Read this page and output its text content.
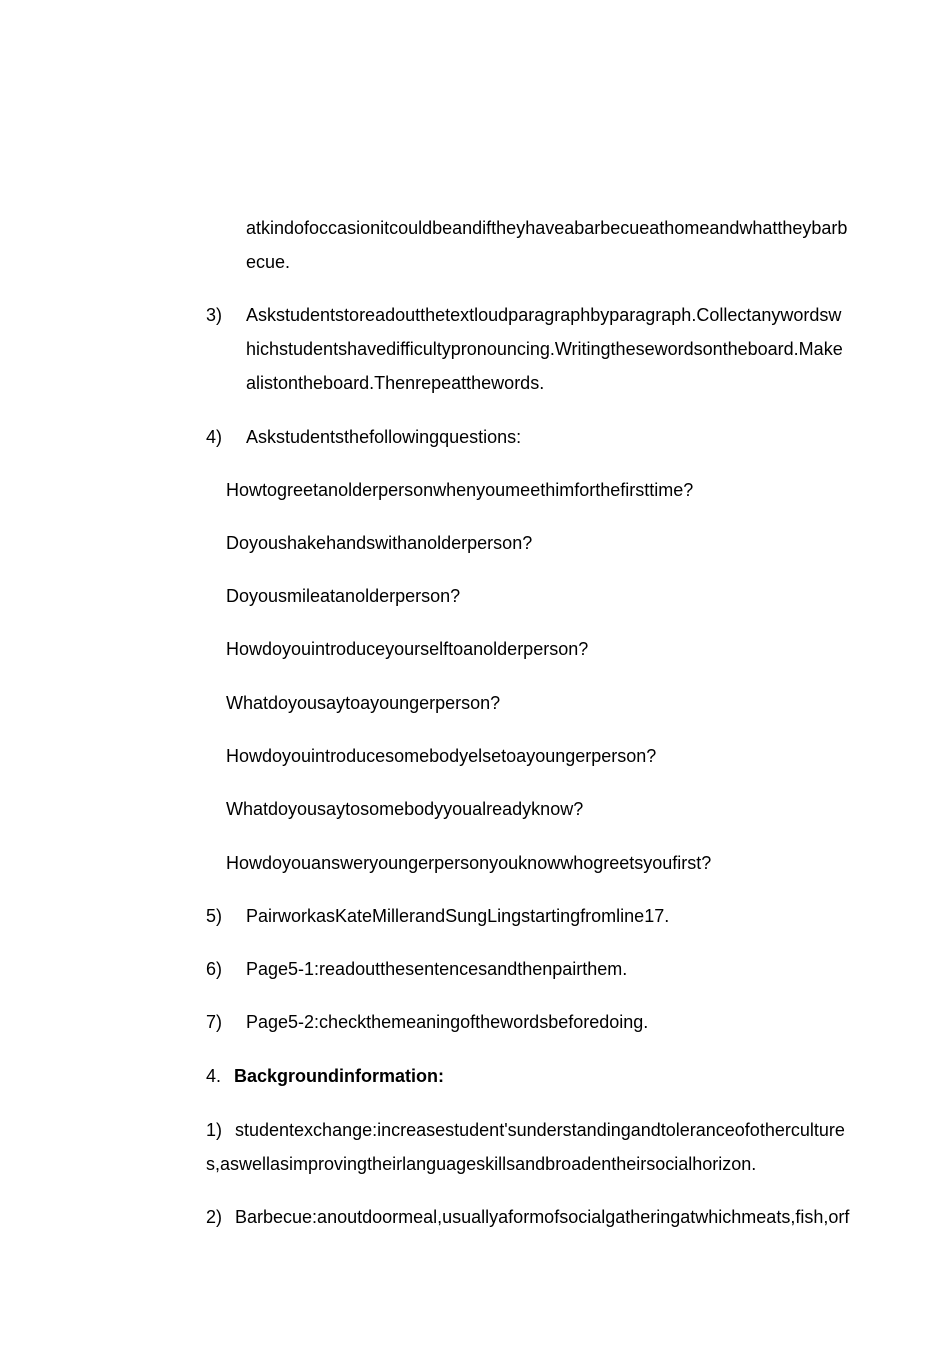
atkindofoccasionitcouldbeandiftheyhaveabarbecueathomeandwhattheybarb
ecue.
3) Askstudentstoreadoutthetextloudparagraphbyparagraph.Collectanywordsw
hichstudentshavedifficultypronouncing.Writingthesewordsontheboard.Make
alistontheboard.Thenrepeatthewords.
4) Askstudentsthefollowingquestions:
Howtogreetanolderpersonwhenyoumeethimforthefirsttime?
Doyoushakehandswithanolderperson?
Doyousmileatanolderperson?
Howdoyouintroduceyourselftoanolderperson?
Whatdoyousaytoayoungerperson?
Howdoyouintroducesomebodyelsetoayoungerperson?
Whatdoyousaytosomebodyyoualreadyknow?
Howdoyouansweryoungerpersonyouknowwhogreetsyoufirst?
5) PairworkasKateMillerandSungLingstartingfromline17.
6) Page5-1:readoutthesentencesandthenpairthem.
7) Page5-2:checkthemeaningofthewordsbeforedoing.
4. Backgroundinformation:
1) studentexchange:increasestudent'sunderstandingandtoleranceofotherculture
s,aswellasimprovingtheirlanguageskillsandbroadentheirsocialhorizon.
2) Barbecue:anoutdoormeal,usuallyaformofsocialgatheringatwhichmeats,fish,orf
